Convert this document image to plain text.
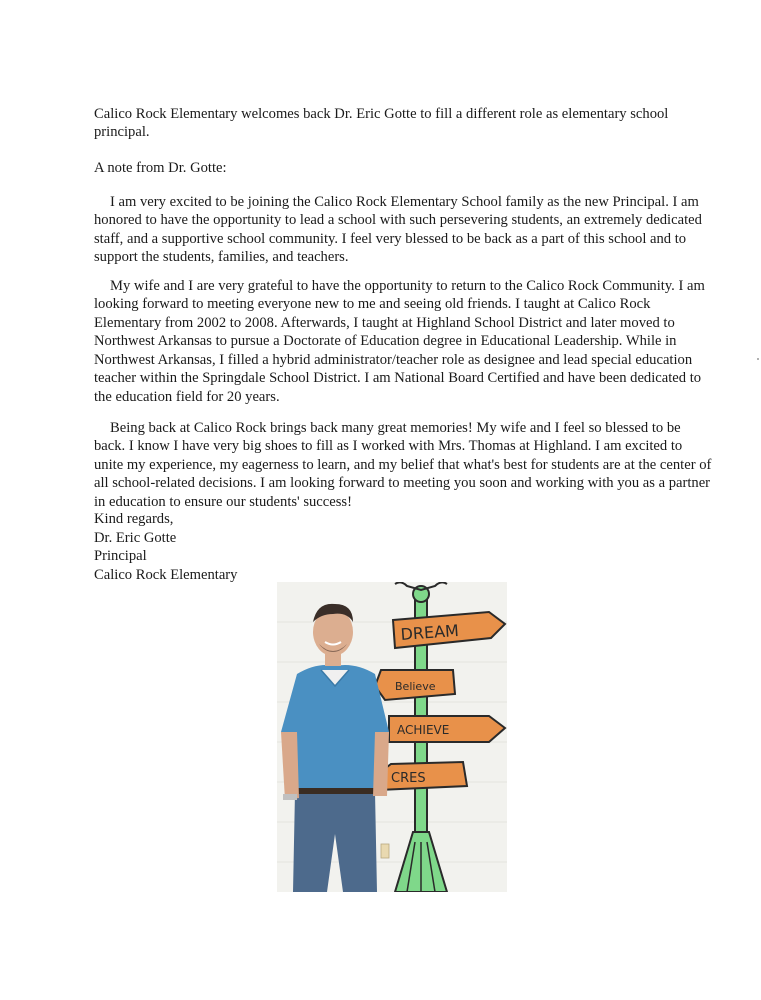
Calico Rock Elementary welcomes back Dr. Eric Gotte to fill a different role as elementary school principal.

A note from Dr. Gotte:

I am very excited to be joining the Calico Rock Elementary School family as the new Principal. I am honored to have the opportunity to lead a school with such persevering students, an extremely dedicated staff, and a supportive school community. I feel very blessed to be back as a part of this school and to support the students, families, and teachers.

My wife and I are very grateful to have the opportunity to return to the Calico Rock Community. I am looking forward to meeting everyone new to me and seeing old friends. I taught at Calico Rock Elementary from 2002 to 2008. Afterwards, I taught at Highland School District and later moved to Northwest Arkansas to pursue a Doctorate of Education degree in Educational Leadership. While in Northwest Arkansas, I filled a hybrid administrator/teacher role as designee and lead special education teacher within the Springdale School District. I am National Board Certified and have been dedicated to the education field for 20 years.

Being back at Calico Rock brings back many great memories! My wife and I feel so blessed to be back. I know I have very big shoes to fill as I worked with Mrs. Thomas at Highland. I am excited to unite my experience, my eagerness to learn, and my belief that what's best for students are at the center of all school-related decisions. I am looking forward to meeting you soon and working with you as a partner in education to ensure our students' success!

Kind regards,

Dr. Eric Gotte

Principal

Calico Rock Elementary

DREAM
Believe
ACHIEVE
CRES
